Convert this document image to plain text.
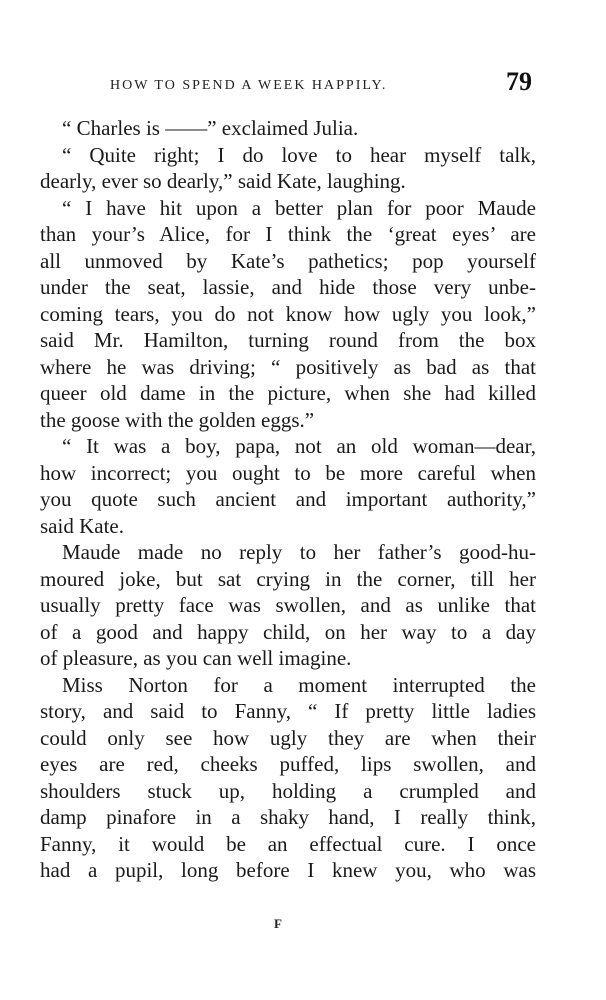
HOW TO SPEND A WEEK HAPPILY.	79
“ Charles is ——” exclaimed Julia.
“ Quite right; I do love to hear myself talk,
dearly, ever so dearly,” said Kate, laughing.
“ I have hit upon a better plan for poor Maude
than your’s Alice, for I think the ‘great eyes’ are
all unmoved by Kate’s pathetics; pop yourself
under the seat, lassie, and hide those very unbe-
coming tears, you do not know how ugly you look,”
said Mr. Hamilton, turning round from the box
where he was driving; “ positively as bad as that
queer old dame in the picture, when she had killed
the goose with the golden eggs.”
“ It was a boy, papa, not an old woman—dear,
how incorrect; you ought to be more careful when
you quote such ancient and important authority,”
said Kate.
Maude made no reply to her father’s good-hu-
moured joke, but sat crying in the corner, till her
usually pretty face was swollen, and as unlike that
of a good and happy child, on her way to a day
of pleasure, as you can well imagine.
Miss Norton for a moment interrupted the
story, and said to Fanny, “ If pretty little ladies
could only see how ugly they are when their
eyes are red, cheeks puffed, lips swollen, and
shoulders stuck up, holding a crumpled and
damp pinafore in a shaky hand, I really think,
Fanny, it would be an effectual cure. I once
had a pupil, long before I knew you, who was
F
